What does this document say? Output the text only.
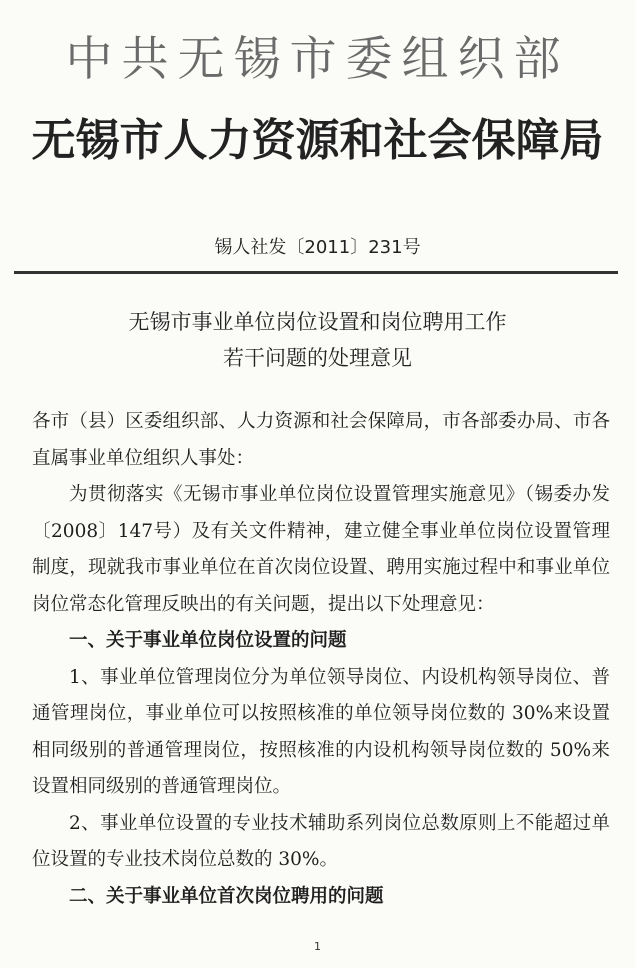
中共无锡市委组织部
无锡市人力资源和社会保障局
锡人社发〔2011〕231号
无锡市事业单位岗位设置和岗位聘用工作
若干问题的处理意见

各市（县）区委组织部、人力资源和社会保障局，市各部委办局、市各直属事业单位组织人事处：

为贯彻落实《无锡市事业单位岗位设置管理实施意见》（锡委办发〔2008〕147号）及有关文件精神，建立健全事业单位岗位设置管理制度，现就我市事业单位在首次岗位设置、聘用实施过程中和事业单位岗位常态化管理反映出的有关问题，提出以下处理意见：

一、关于事业单位岗位设置的问题

1、事业单位管理岗位分为单位领导岗位、内设机构领导岗位、普通管理岗位，事业单位可以按照核准的单位领导岗位数的 30%来设置相同级别的普通管理岗位，按照核准的内设机构领导岗位数的 50%来设置相同级别的普通管理岗位。

2、事业单位设置的专业技术辅助系列岗位总数原则上不能超过单位设置的专业技术岗位总数的 30%。

二、关于事业单位首次岗位聘用的问题

1
